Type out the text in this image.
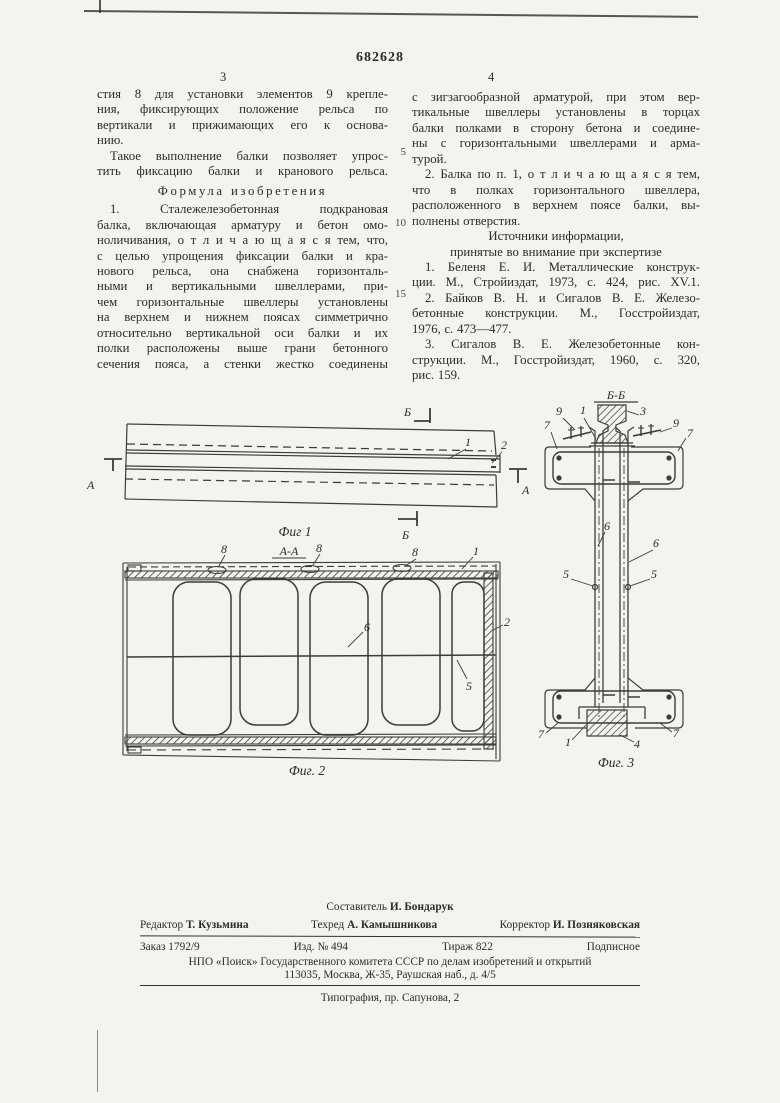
682628
3	4
5
10
15
стия 8 для установки элементов 9 крепле-
ния, фиксирующих положение рельса по
вертикали и прижимающих его к основа-
нию.
Такое выполнение балки позволяет упрос-
тить фиксацию балки и кранового рельса.
Формула изобретения
1. Сталежелезобетонная подкрановая
балка, включающая арматуру и бетон омо-
ноличивания, о т л и ч а ю щ а я с я тем, что,
с целью упрощения фиксации балки и кра-
нового рельса, она снабжена горизонталь-
ными и вертикальными швеллерами, при-
чем горизонтальные швеллеры установлены
на верхнем и нижнем поясах симметрично
относительно вертикальной оси балки и их
полки расположены выше грани бетонного
сечения пояса, а стенки жестко соединены
с зигзагообразной арматурой, при этом вер-
тикальные швеллеры установлены в торцах
балки полками в сторону бетона и соедине-
ны с горизонтальными швеллерами и арма-
турой.
2. Балка по п. 1, о т л и ч а ю щ а я с я тем,
что в полках горизонтального швеллера,
расположенного в верхнем поясе балки, вы-
полнены отверстия.
Источники информации,
принятые во внимание при экспертизе
1. Беленя Е. И. Металлические конструк-
ции. М., Стройиздат, 1973, с. 424, рис. XV.1.
2. Байков В. Н. и Сигалов В. Е. Железо-
бетонные конструкции. М., Госстройиздат,
1976, с. 473—477.
3. Сигалов В. Е. Железобетонные кон-
струкции. М., Госстройиздат, 1960, с. 320,
рис. 159.
Б
Б
А	А
1	2
Фиг 1
8	8	8
А-А	1
2
6
5
Фиг. 2
Б-Б
9 1	3
9
7
7
6
6
5	5
7
1	4
7
Фиг. 3
Составитель И. Бондарук
Редактор Т. Кузьмина	Техред А. Камышникова	Корректор И. Позняковская
Заказ 1792/9	Изд. № 494	Тираж 822	Подписное
НПО «Поиск» Государственного комитета СССР по делам изобретений и открытий
113035, Москва, Ж-35, Раушская наб., д. 4/5
Типография, пр. Сапунова, 2
